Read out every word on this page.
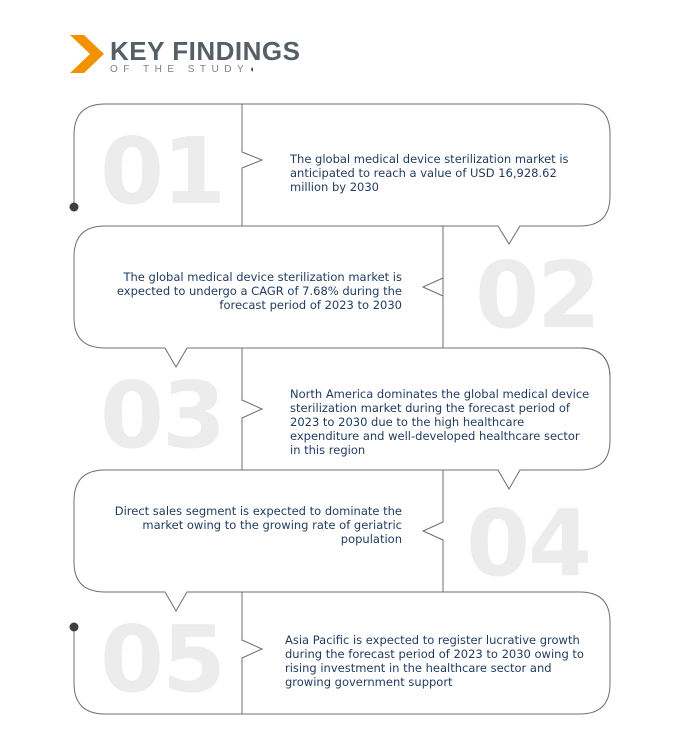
KEY FINDINGS
OF THE STUDY◖
01	The global medical device sterilization market is anticipated to reach a value of USD 16,928.62 million by 2030
02
The global medical device sterilization market is expected to undergo a CAGR of 7.68% during the forecast period of 2023 to 2030
03	North America dominates the global medical device sterilization market during the forecast period of 2023 to 2030 due to the high healthcare expenditure and well-developed healthcare sector in this region
04
Direct sales segment is expected to dominate the market owing to the growing rate of geriatric population
05	Asia Pacific is expected to register lucrative growth during the forecast period of 2023 to 2030 owing to rising investment in the healthcare sector and growing government support
